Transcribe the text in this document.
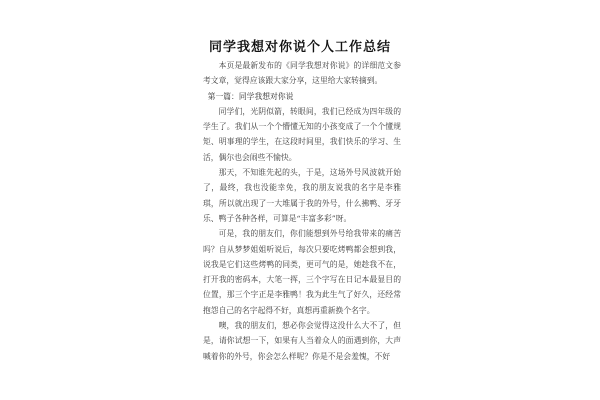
同学我想对你说个人工作总结

本页是最新发布的《同学我想对你说》的详细范文参考文章，觉得应该跟大家分享，这里给大家转摘到。

第一篇：同学我想对你说

同学们，光阴似箭，转眼间，我们已经成为四年级的学生了。我们从一个个懵懂无知的小孩变成了一个个懂规矩、明事理的学生，在这段时间里，我们快乐的学习、生活，偶尔也会闹些不愉快。

那天，不知谁先起的头，于是，这场外号风波就开始了，最终，我也没能幸免，我的朋友说我的名字是李雅琪，所以就出现了一大堆属于我的外号，什么拂鸭、牙牙乐、鸭子各种各样，可算是“丰富多彩”呀。

可是，我的朋友们，你们能想到外号给我带来的痛苦吗？自从梦梦姐姐听说后，每次只要吃烤鸭都会想到我，说我是它们这些烤鸭的同类，更可气的是，她趁我不在，打开我的密码本，大笔一挥，三个字写在日记本最显目的位置，那三个字正是李雅鸭！我为此生气了好久，还经常抱怨自己的名字起得不好，真想再重新换个名字。

噢，我的朋友们，想必你会觉得这没什么大不了，但是，请你试想一下，如果有人当着众人的面遇到你，大声喊着你的外号，你会怎么样呢？你是不是会羞愧，不好
